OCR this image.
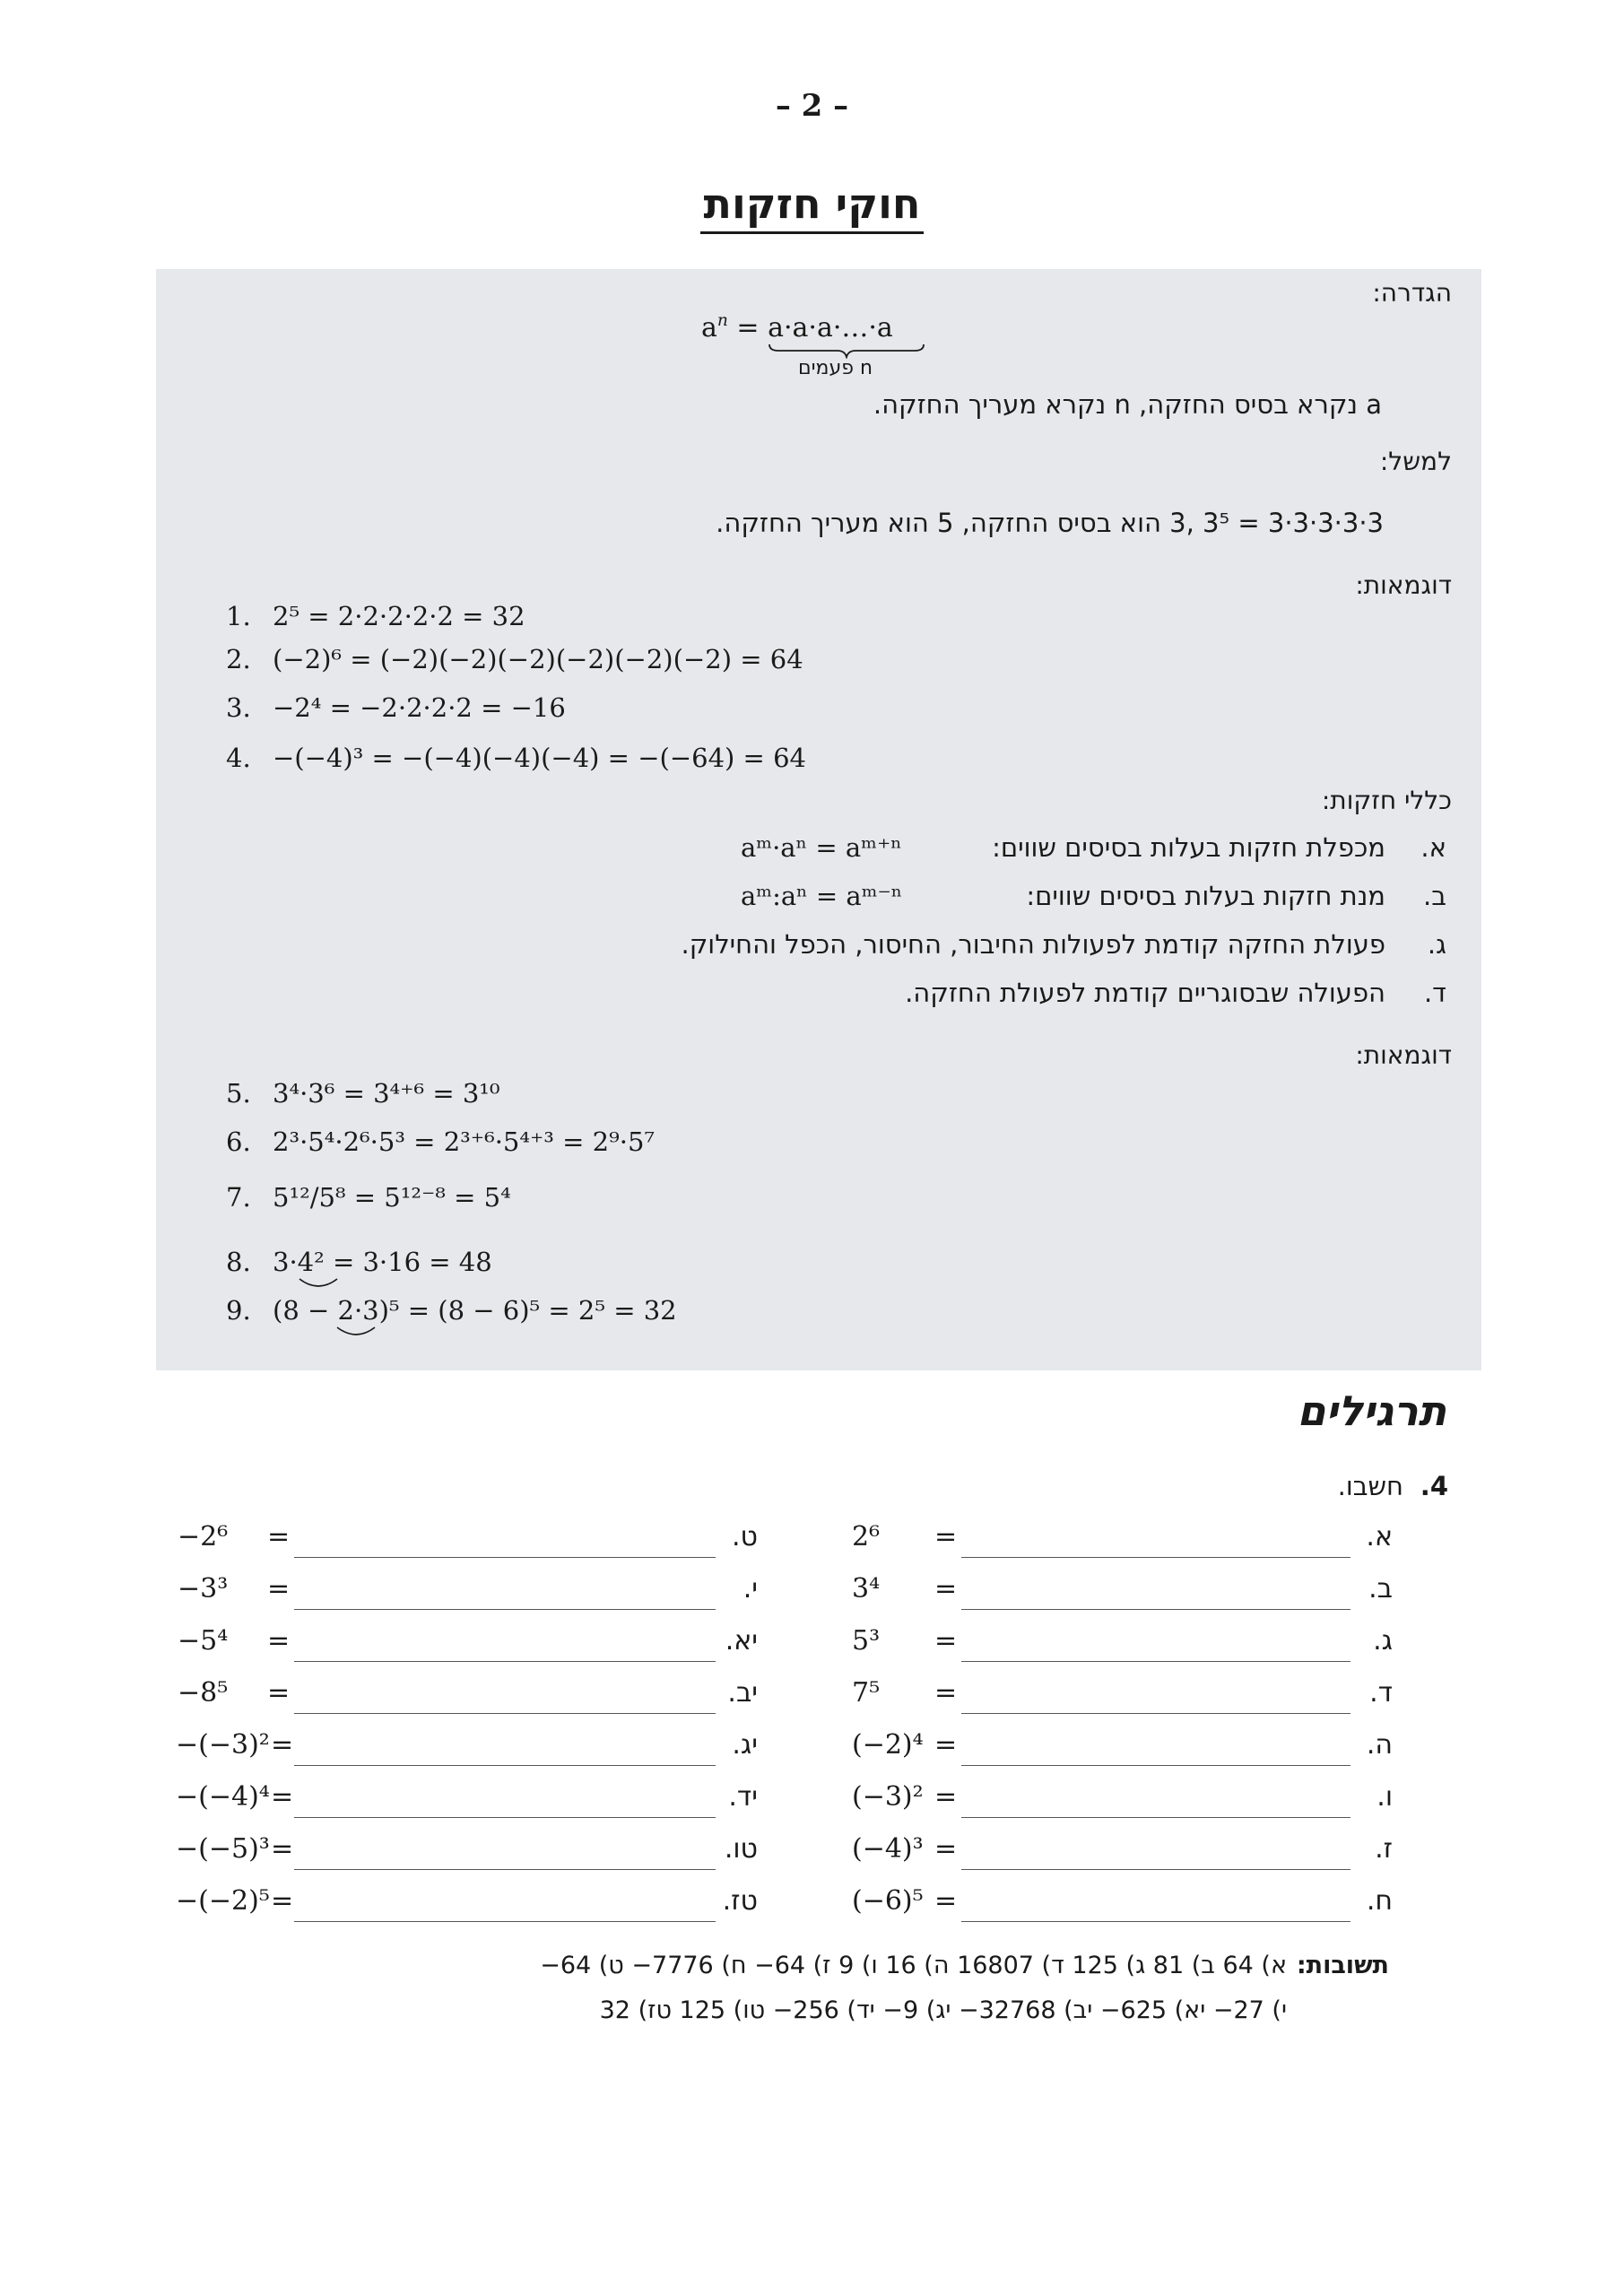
– 2 –
חוקי חזקות
הגדרה:
$a^n$ = a·a·a·…·a
n פעמים
a נקרא בסיס החזקה, n נקרא מעריך החזקה.
למשל:
3·3·3·3·3 = 3⁵ ,3 הוא בסיס החזקה, 5 הוא מעריך החזקה.
דוגמאות:
1. 2⁵ = 2·2·2·2·2 = 32
2. (−2)⁶ = (−2)(−2)(−2)(−2)(−2)(−2) = 64
3. −2⁴ = −2·2·2·2 = −16
4. −(−4)³ = −(−4)(−4)(−4) = −(−64) = 64
כללי חזקות:
א.
מכפלת חזקות בעלות בסיסים שווים:
aᵐ·aⁿ = aᵐ⁺ⁿ
ב.
מנת חזקות בעלות בסיסים שווים:
aᵐ:aⁿ = aᵐ⁻ⁿ
ג.
פעולת החזקה קודמת לפעולות החיבור, החיסור, הכפל והחילוק.
ד.
הפעולה שבסוגריים קודמת לפעולת החזקה.
דוגמאות:
5. 3⁴·3⁶ = 3⁴⁺⁶ = 3¹⁰
6. 2³·5⁴·2⁶·5³ = 2³⁺⁶·5⁴⁺³ = 2⁹·5⁷
7. 5¹²/5⁸ = 5¹²⁻⁸ = 5⁴
8. 3·4² = 3·16 = 48
9. (8 − 2·3)⁵ = (8 − 6)⁵ = 2⁵ = 32
תרגילים
4.
חשבו.
א.
=
2⁶
ב.
=
3⁴
ג.
=
5³
ד.
=
7⁵
ה.
=
(−2)⁴
ו.
=
(−3)²
ז.
=
(−4)³
ח.
=
(−6)⁵
ט.
=
−2⁶
י.
=
−3³
יא.
=
−5⁴
יב.
=
−8⁵
יג.
=
−(−3)²
יד.
=
−(−4)⁴
טו.
=
−(−5)³
טז.
=
−(−2)⁵
תשובות:
א) 64 ב) 81 ג) 125 ד) 16807 ה) 16 ו) 9 ז) 64− ח) 7776− ט) 64−
י) 27− יא) 625− יב) 32768− יג) 9− יד) 256− טו) 125 טז) 32
